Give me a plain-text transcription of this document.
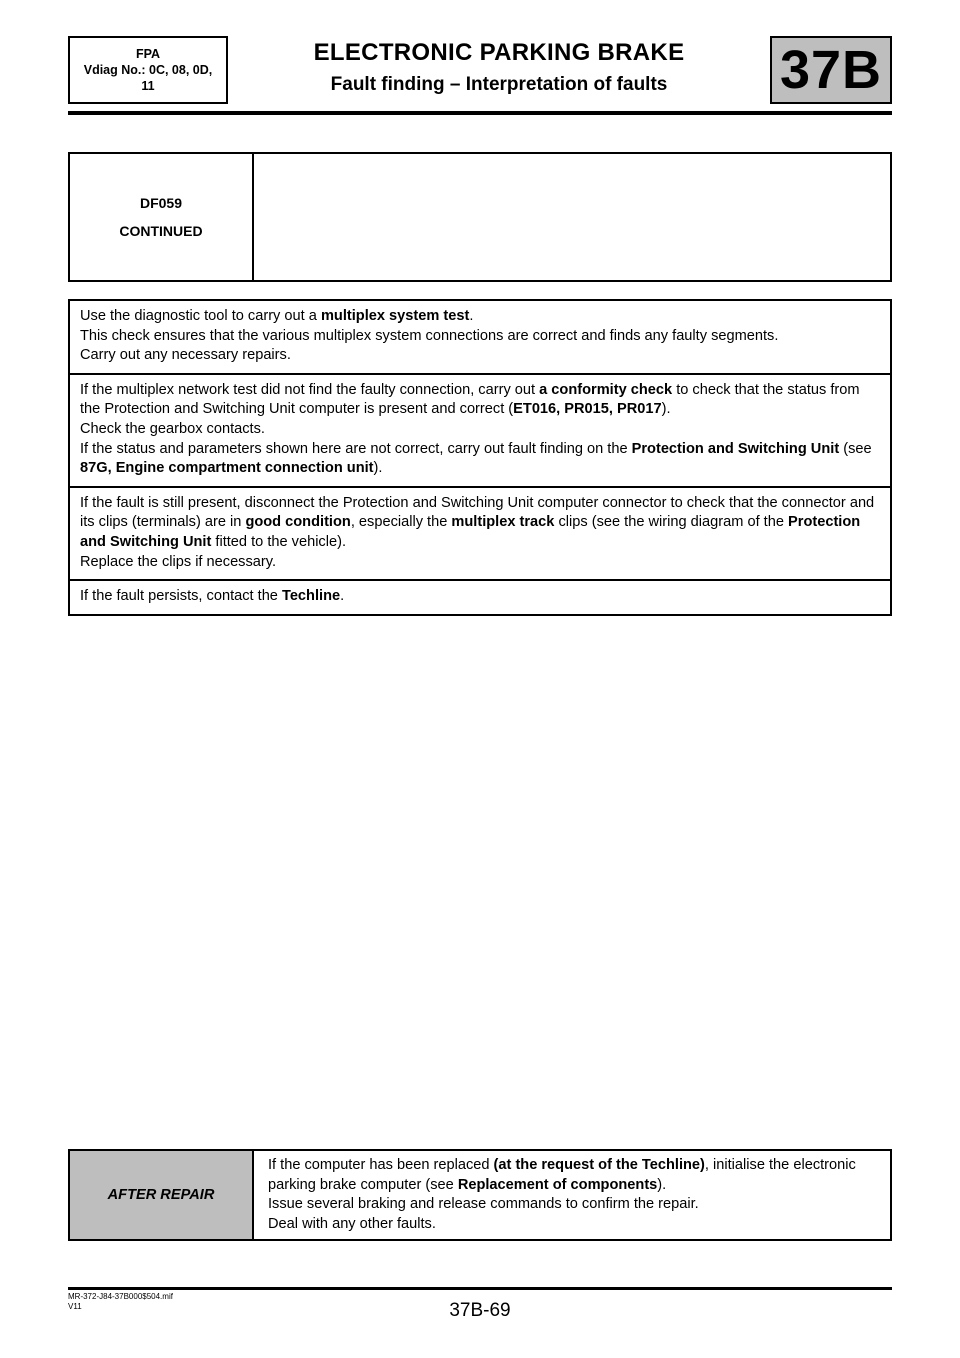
FPA
Vdiag No.: 0C, 08, 0D,
11
ELECTRONIC PARKING BRAKE
Fault finding – Interpretation of faults	37B
DF059
CONTINUED

Use the diagnostic tool to carry out a multiplex system test.

This check ensures that the various multiplex system connections are correct and finds any faulty segments.

Carry out any necessary repairs.

If the multiplex network test did not find the faulty connection, carry out a conformity check to check that the status from the Protection and Switching Unit computer is present and correct (ET016, PR015, PR017).

Check the gearbox contacts.

If the status and parameters shown here are not correct, carry out fault finding on the Protection and Switching Unit (see 87G, Engine compartment connection unit).

If the fault is still present, disconnect the Protection and Switching Unit computer connector to check that the connector and its clips (terminals) are in good condition, especially the multiplex track clips (see the wiring diagram of the Protection and Switching Unit fitted to the vehicle).

Replace the clips if necessary.

If the fault persists, contact the Techline.

AFTER REPAIR

If the computer has been replaced (at the request of the Techline), initialise the electronic parking brake computer (see Replacement of components).

Issue several braking and release commands to confirm the repair.

Deal with any other faults.

MR-372-J84-37B000$504.mif
V11	37B-69
